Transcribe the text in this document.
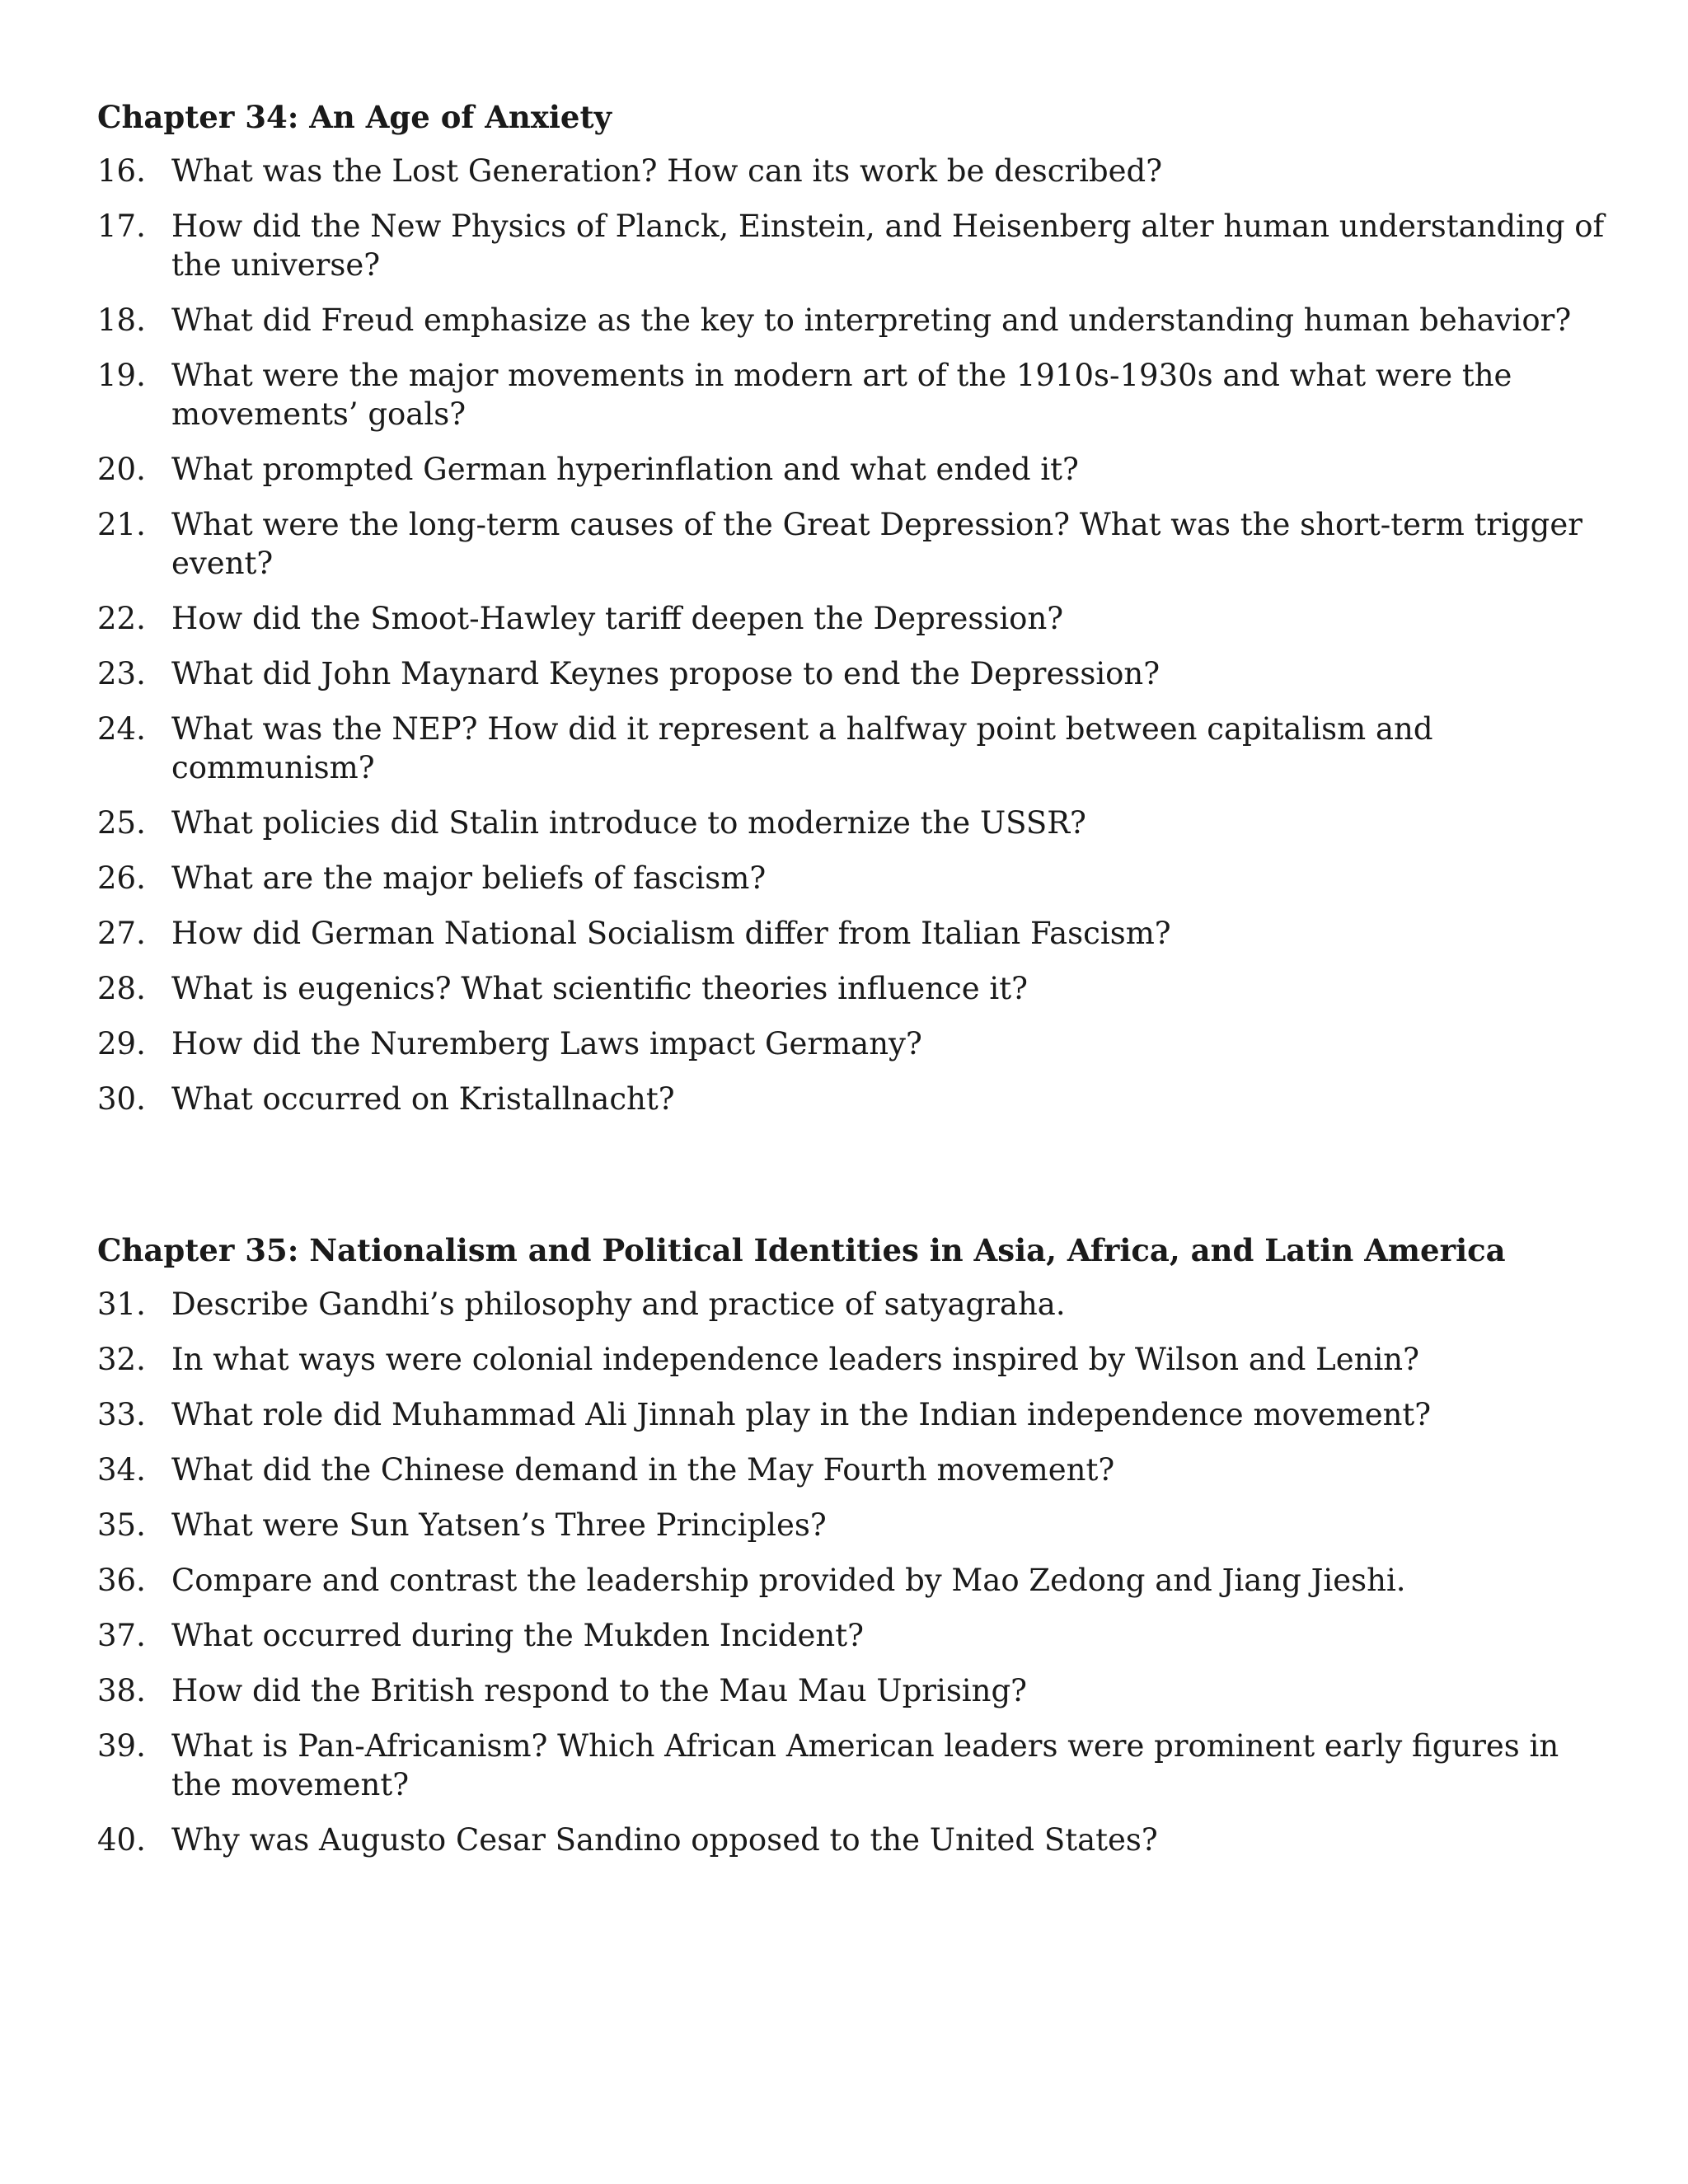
Chapter 34: An Age of Anxiety
16. What was the Lost Generation? How can its work be described?
17. How did the New Physics of Planck, Einstein, and Heisenberg alter human understanding of the universe?
18. What did Freud emphasize as the key to interpreting and understanding human behavior?
19. What were the major movements in modern art of the 1910s-1930s and what were the movements’ goals?
20. What prompted German hyperinflation and what ended it?
21. What were the long-term causes of the Great Depression? What was the short-term trigger event?
22. How did the Smoot-Hawley tariff deepen the Depression?
23. What did John Maynard Keynes propose to end the Depression?
24. What was the NEP? How did it represent a halfway point between capitalism and communism?
25. What policies did Stalin introduce to modernize the USSR?
26. What are the major beliefs of fascism?
27. How did German National Socialism differ from Italian Fascism?
28. What is eugenics? What scientific theories influence it?
29. How did the Nuremberg Laws impact Germany?
30. What occurred on Kristallnacht?
Chapter 35: Nationalism and Political Identities in Asia, Africa, and Latin America
31. Describe Gandhi’s philosophy and practice of satyagraha.
32. In what ways were colonial independence leaders inspired by Wilson and Lenin?
33. What role did Muhammad Ali Jinnah play in the Indian independence movement?
34. What did the Chinese demand in the May Fourth movement?
35. What were Sun Yatsen’s Three Principles?
36. Compare and contrast the leadership provided by Mao Zedong and Jiang Jieshi.
37. What occurred during the Mukden Incident?
38. How did the British respond to the Mau Mau Uprising?
39. What is Pan-Africanism? Which African American leaders were prominent early figures in the movement?
40. Why was Augusto Cesar Sandino opposed to the United States?
